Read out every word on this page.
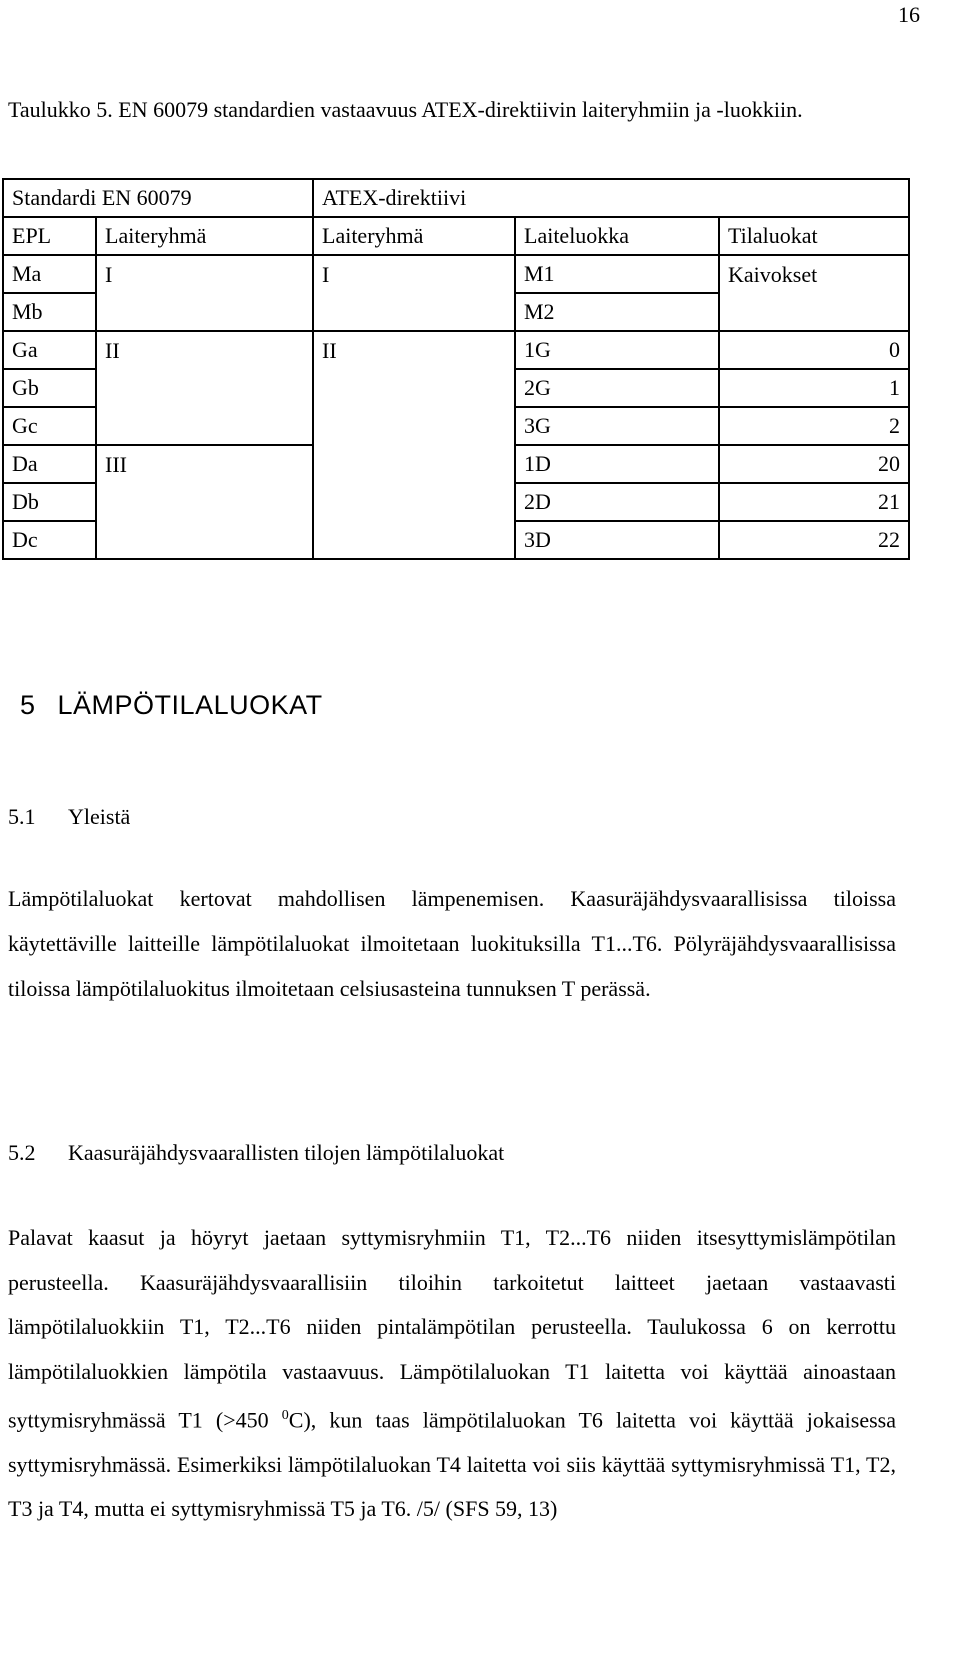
16
Taulukko 5. EN 60079 standardien vastaavuus ATEX-direktiivin laiteryhmiin ja -luokkiin.
Standardi EN 60079		ATEX-direktiivi		
EPL	Laiteryhmä	Laiteryhmä	Laiteluokka	Tilaluokat
Ma	I	I	M1	Kaivokset
Mb			M2	
Ga	II	II	1G	0
Gb			2G	1
Gc			3G	2
Da	III		1D	20
Db			2D	21
Dc			3D	22
5 LÄMPÖTILALUOKAT
5.1 Yleistä

Lämpötilaluokat kertovat mahdollisen lämpenemisen. Kaasuräjähdysvaarallisissa tiloissa käytettäville laitteille lämpötilaluokat ilmoitetaan luokituksilla T1...T6. Pölyräjähdysvaarallisissa tiloissa lämpötilaluokitus ilmoitetaan celsiusasteina tunnuksen T perässä.

5.2 Kaasuräjähdysvaarallisten tilojen lämpötilaluokat

Palavat kaasut ja höyryt jaetaan syttymisryhmiin T1, T2...T6 niiden itsesyttymislämpötilan perusteella. Kaasuräjähdysvaarallisiin tiloihin tarkoitetut laitteet jaetaan vastaavasti lämpötilaluokkiin T1, T2...T6 niiden pintalämpötilan perusteella. Taulukossa 6 on kerrottu lämpötilaluokkien lämpötila vastaavuus. Lämpötilaluokan T1 laitetta voi käyttää ainoastaan syttymisryhmässä T1 (>450 $^0$C), kun taas lämpötilaluokan T6 laitetta voi käyttää jokaisessa syttymisryhmässä. Esimerkiksi lämpötilaluokan T4 laitetta voi siis käyttää syttymisryhmissä T1, T2, T3 ja T4, mutta ei syttymisryhmissä T5 ja T6. /5/ (SFS 59, 13)
